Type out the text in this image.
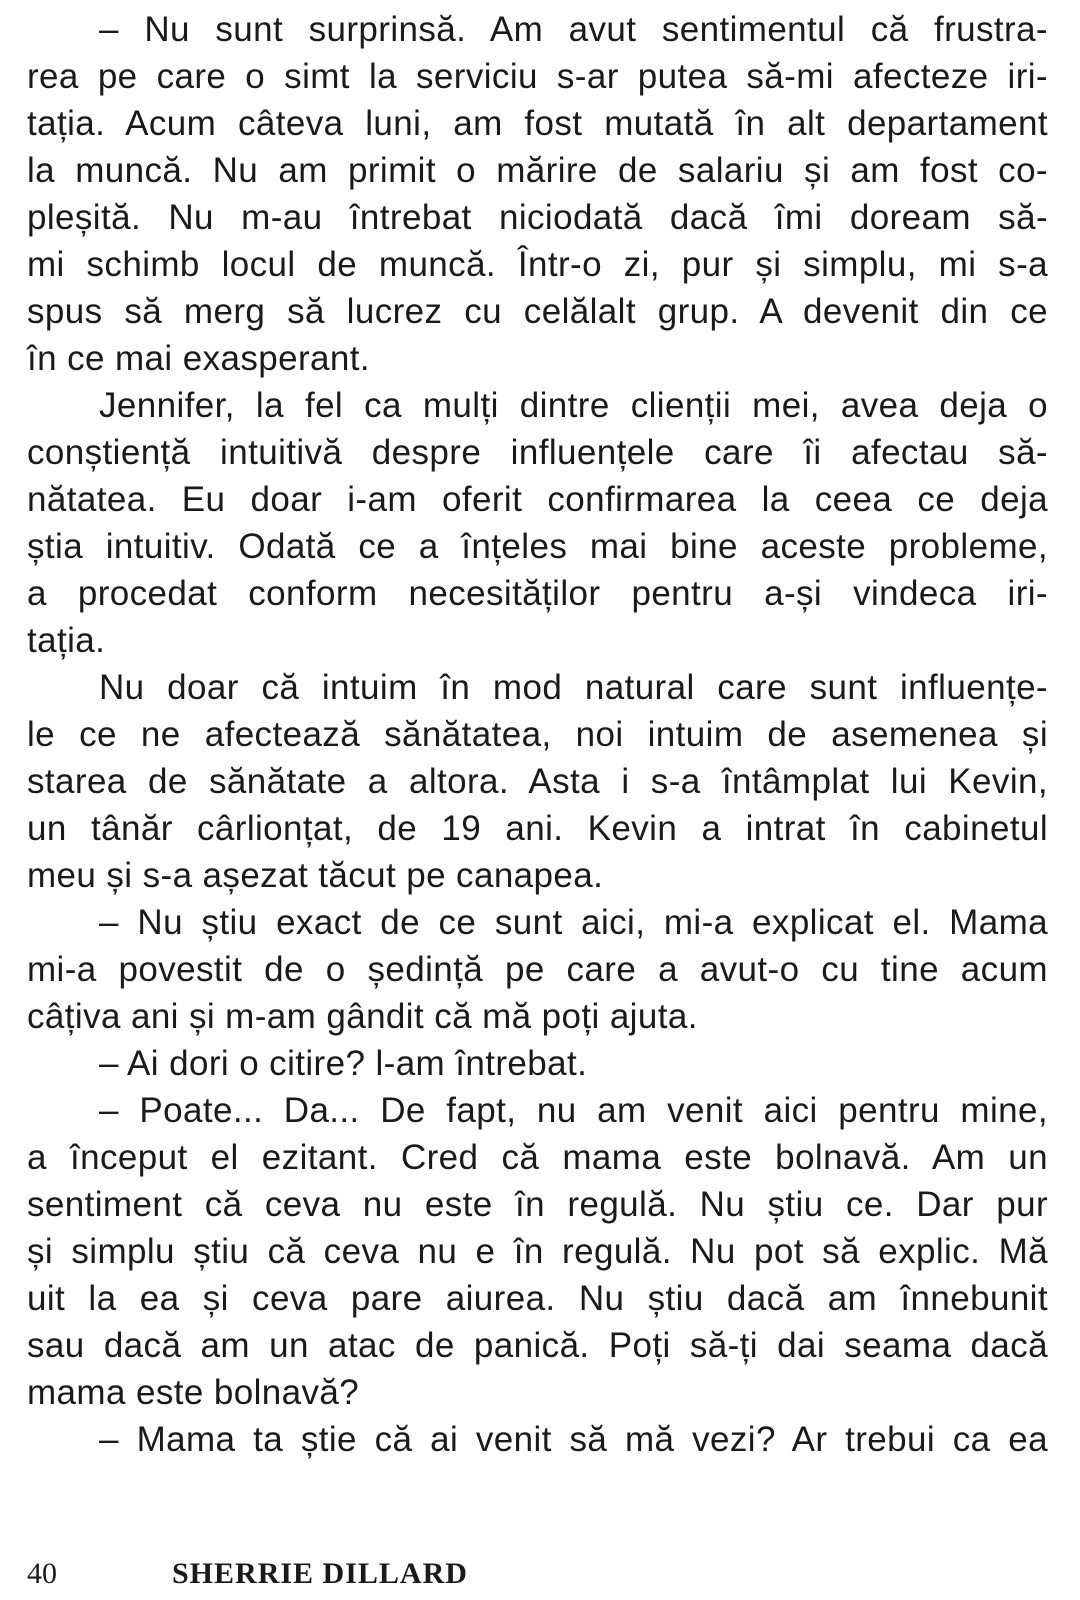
– Nu sunt surprinsă. Am avut sentimentul că frustra-
rea pe care o simt la serviciu s-ar putea să-mi afecteze iri-
tația. Acum câteva luni, am fost mutată în alt departament
la muncă. Nu am primit o mărire de salariu și am fost co-
pleșită. Nu m-au întrebat niciodată dacă îmi doream să-
mi schimb locul de muncă. Într-o zi, pur și simplu, mi s-a
spus să merg să lucrez cu celălalt grup. A devenit din ce
în ce mai exasperant.
Jennifer, la fel ca mulți dintre clienții mei, avea deja o
conștiență intuitivă despre influențele care îi afectau să-
nătatea. Eu doar i-am oferit confirmarea la ceea ce deja
știa intuitiv. Odată ce a înțeles mai bine aceste probleme,
a procedat conform necesităților pentru a-și vindeca iri-
tația.
Nu doar că intuim în mod natural care sunt influențe-
le ce ne afectează sănătatea, noi intuim de asemenea și
starea de sănătate a altora. Asta i s-a întâmplat lui Kevin,
un tânăr cârlionțat, de 19 ani. Kevin a intrat în cabinetul
meu și s-a așezat tăcut pe canapea.
– Nu știu exact de ce sunt aici, mi-a explicat el. Mama
mi-a povestit de o ședință pe care a avut-o cu tine acum
câțiva ani și m-am gândit că mă poți ajuta.
– Ai dori o citire? l-am întrebat.
– Poate... Da... De fapt, nu am venit aici pentru mine,
a început el ezitant. Cred că mama este bolnavă. Am un
sentiment că ceva nu este în regulă. Nu știu ce. Dar pur
și simplu știu că ceva nu e în regulă. Nu pot să explic. Mă
uit la ea și ceva pare aiurea. Nu știu dacă am înnebunit
sau dacă am un atac de panică. Poți să-ți dai seama dacă
mama este bolnavă?
– Mama ta știe că ai venit să mă vezi? Ar trebui ca ea
40	SHERRIE DILLARD
